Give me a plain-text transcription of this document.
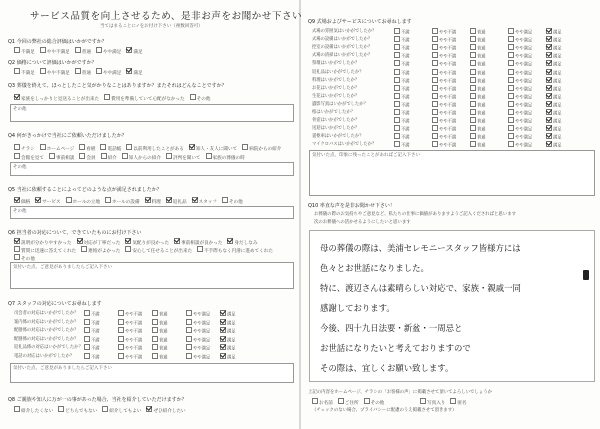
サービス品質を向上させるため、是非お声をお聞かせ下さい
当てはまることに✓をお付け下さい（複数回答可）
Q1 今回の弊社の総合評価はいかがですか？
不満足	やや不満足	普通	やや満足	満足
Q2 価格について評価はいかがですか？
不満足	やや不満足	普通	やや満足	満足
Q3 葬儀を終えて、ほっとしたこと気がかりなことはありますか？またそれはどんなことですか？
家族をしっかりと見送ることが出来た	費用を準備していて心配がなかった	その他
その他
Q4 何がきっかけで当社にご依頼いただけましたか？
チラシ	ホームページ	看板	電話帳	以前利用したことがある	知人・友人に聞いて	病院からの紹介
会館を見て	事前相談	会員	紹介	知人からの紹介	評判を聞いて	家族の葬儀の時
その他
Q5 当社に依頼することによってどのような点が満足されましたか？
価格	サービス	ホールの立地	ホールの設備	料理	返礼品	スタッフ	その他
その他
Q6 担当者の対応について、できていたものにお付け下さい
説明が分かりやすかった	対応が丁寧だった	気配りが良かった	事前相談が良かった	身だしなみ
質問に迅速に答えてくれた	連絡がよかった	安心して任せることが出来た	不手際もなく円滑に進めてくれた
その他
気付いた点、ご意見がありましたらご記入下さい
Q7 スタッフの対応についてお尋ねします
司会者の対応はいかがでしたか？	不満	やや不満	普通	やや満足	満足
案内係の対応はいかがでしたか？	不満	やや不満	普通	やや満足	満足
配膳係の対応はいかがでしたか？	不満	やや不満	普通	やや満足	満足
配膳係の対応はいかがでしたか？	不満	やや不満	普通	やや満足	満足
返礼品係の対応はいかがでしたか？	不満	やや不満	普通	やや満足	満足
電話の対応はいかがでしたか？	不満	やや不満	普通	やや満足	満足
気付いた点、ご意見がありましたらご記入下さい
Q8 ご親族や知人に万が一の事があった場合、当社を紹介していただけますか？
紹介したくない	どちらでもない	紹介してもよい	ぜひ紹介したい
Q9 式場およびサービスについてお尋ねします
式場の雰囲気はいかがでしたか？	不満	やや不満	普通	やや満足	満足
式場の設備はいかがでしたか？	不満	やや不満	普通	やや満足	満足
控室の設備はいかがでしたか？	不満	やや不満	普通	やや満足	満足
式場の清掃はいかがでしたか？	不満	やや不満	普通	やや満足	満足
祭壇はいかがでしたか？	不満	やや不満	普通	やや満足	満足
返礼品はいかがでしたか？	不満	やや不満	普通	やや満足	満足
料理はいかがでしたか？	不満	やや不満	普通	やや満足	満足
お花はいかがでしたか？	不満	やや不満	普通	やや満足	満足
生花はいかがでしたか？	不満	やや不満	普通	やや満足	満足
遺影写真はいかがでしたか？	不満	やや不満	普通	やや満足	満足
棺はいかがでしたか？	不満	やや不満	普通	やや満足	満足
骨壺はいかがでしたか？	不満	やや不満	普通	やや満足	満足
送迎はいかがでしたか？	不満	やや不満	普通	やや満足	満足
霊柩車はいかがでしたか？	不満	やや不満	普通	やや満足	満足
マイクロバスはいかがでしたか？	不満	やや不満	普通	やや満足	満足
気付いた点、印象に残ったことがあればご記入下さい
Q10 率直な声を是非お聞かせ下さい！
お葬儀の際のお気持ちやご意見など、私たちの仕事に価値がありますようご記入くださればと思います
次のお葬儀への活かせるようにしたいと思います
母の葬儀の際は、美浦セレモニースタッフ皆様方には
色々とお世話になりました。
特に、渡辺さんは素晴らしい対応で、家族・親戚一同
感謝しております。
今後、四十九日法要・新盆・一周忌と
お世話になりたいと考えておりますので
その際は、宜しくお願い致します。
上記の内容をホームページ、チラシの「お客様の声」に掲載させて頂いてよろしいでしょうか
お名前	ご住所	その他	写真入り	匿名
（チェックのない場合、プライバシーに配慮のうえ掲載させて頂きます）
